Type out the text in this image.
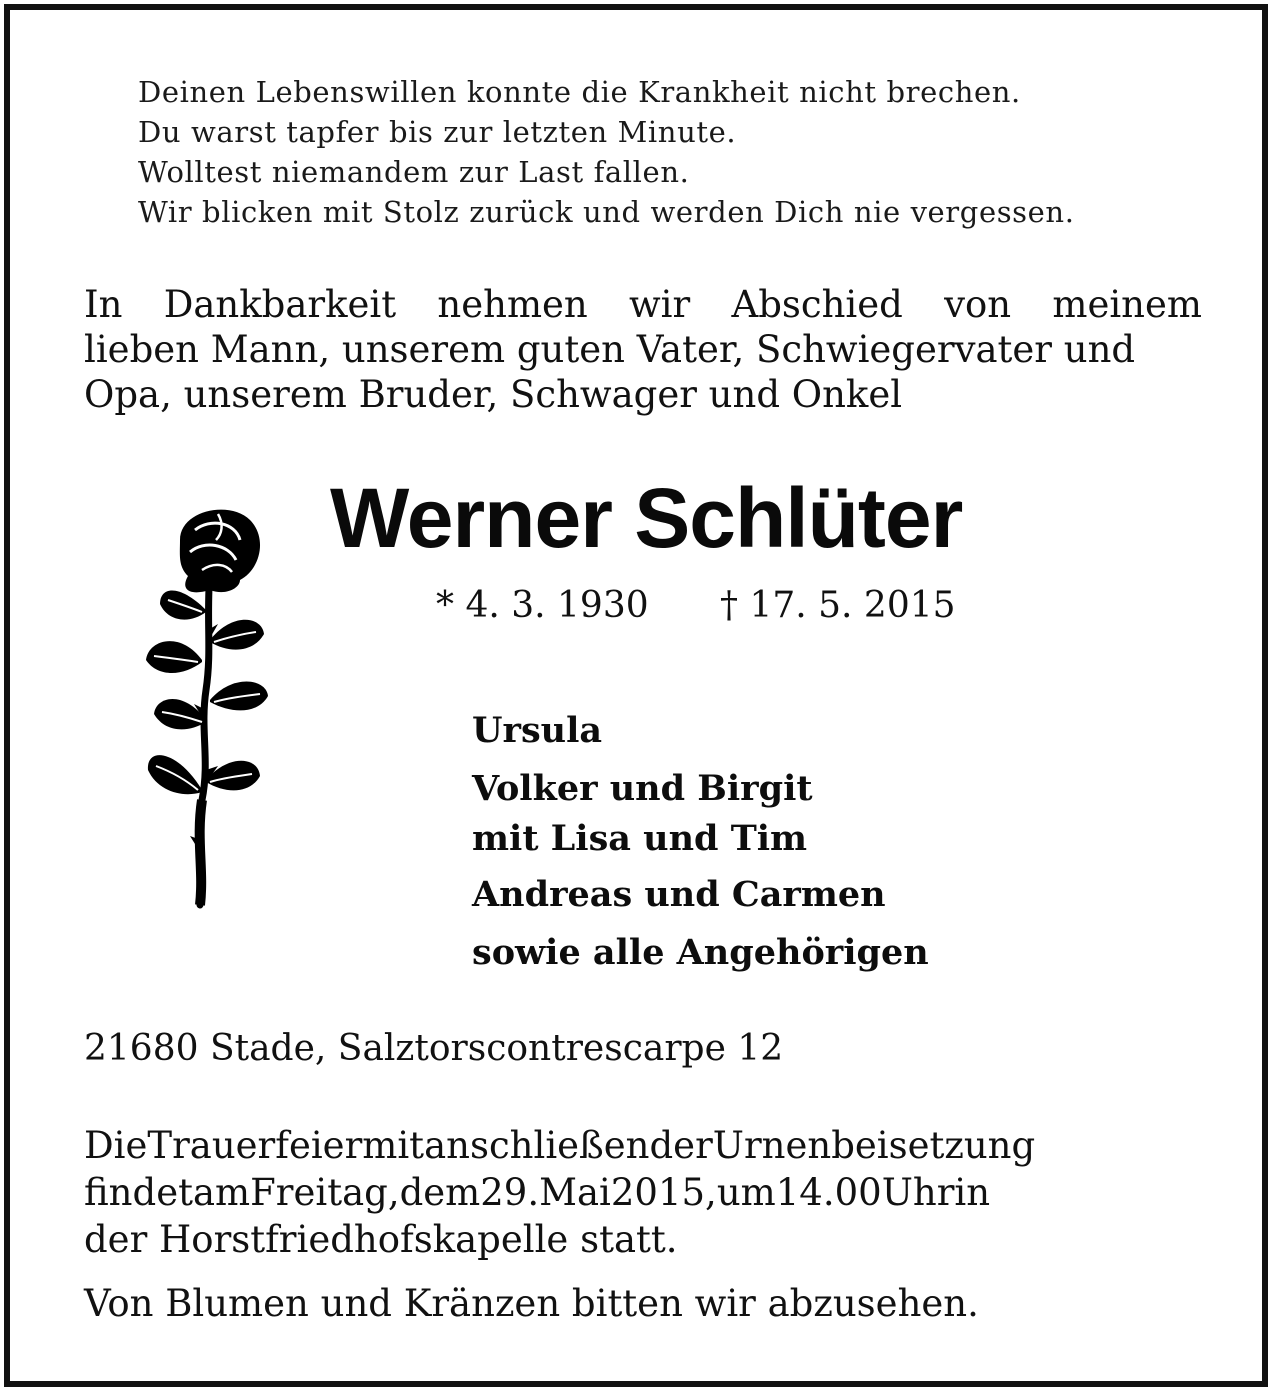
Deinen Lebenswillen konnte die Krankheit nicht brechen.
Du warst tapfer bis zur letzten Minute.
Wolltest niemandem zur Last fallen.
Wir blicken mit Stolz zurück und werden Dich nie vergessen.
In Dankbarkeit nehmen wir Abschied von meinem
lieben Mann, unserem guten Vater, Schwiegervater und
Opa, unserem Bruder, Schwager und Onkel
Werner Schlüter
* 4. 3. 1930 † 17. 5. 2015
Ursula
Volker und Birgit
mit Lisa und Tim
Andreas und Carmen
sowie alle Angehörigen
21680 Stade, Salztorscontrescarpe 12
DieTrauerfeiermitanschließenderUrnenbeisetzung
findetamFreitag,dem29.Mai2015,um14.00Uhrin
der Horstfriedhofskapelle statt.
Von Blumen und Kränzen bitten wir abzusehen.
